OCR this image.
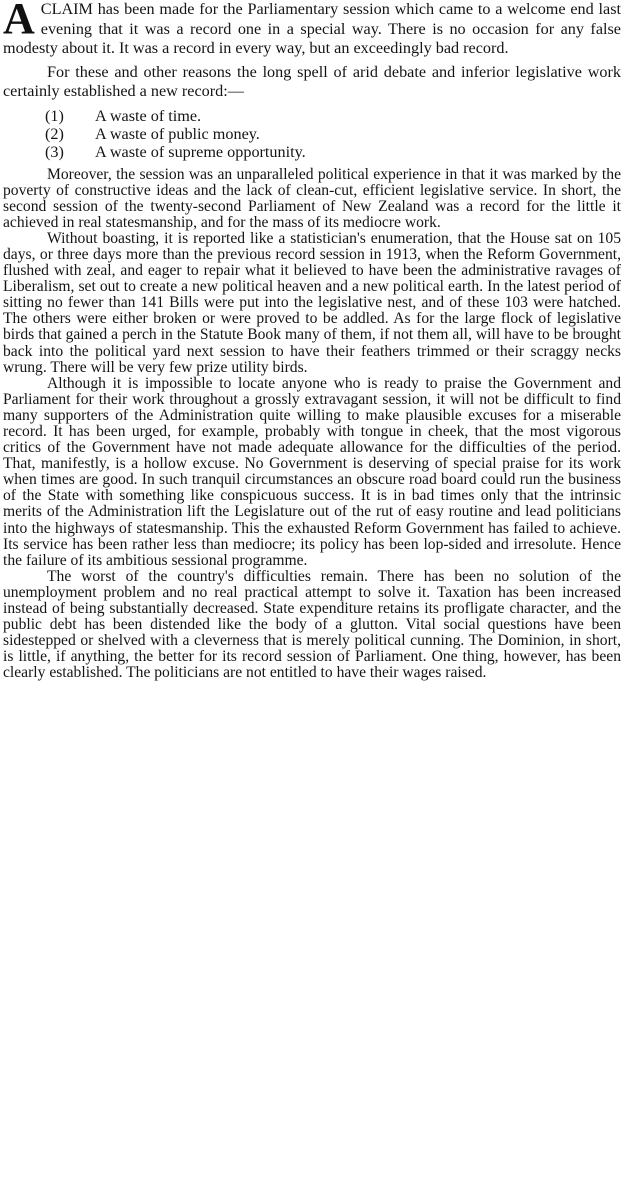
ACLAIM has been made for the Parliamentary session which came to a welcome end last evening that it was a record one in a special way. There is no occasion for any false modesty about it. It was a record in every way, but an exceedingly bad record.

For these and other reasons the long spell of arid debate and inferior legislative work certainly established a new record:—

(1)	A waste of time.
(2)	A waste of public money.
(3)	A waste of supreme opportunity.

Moreover, the session was an unparalleled political experience in that it was marked by the poverty of constructive ideas and the lack of clean-cut, efficient legislative service. In short, the second session of the twenty-second Parliament of New Zealand was a record for the little it achieved in real statesmanship, and for the mass of its mediocre work.

Without boasting, it is reported like a statistician's enumeration, that the House sat on 105 days, or three days more than the previous record session in 1913, when the Reform Government, flushed with zeal, and eager to repair what it believed to have been the administrative ravages of Liberalism, set out to create a new political heaven and a new political earth. In the latest period of sitting no fewer than 141 Bills were put into the legislative nest, and of these 103 were hatched. The others were either broken or were proved to be addled. As for the large flock of legislative birds that gained a perch in the Statute Book many of them, if not them all, will have to be brought back into the political yard next session to have their feathers trimmed or their scraggy necks wrung. There will be very few prize utility birds.

Although it is impossible to locate anyone who is ready to praise the Government and Parliament for their work throughout a grossly extravagant session, it will not be difficult to find many supporters of the Administration quite willing to make plausible excuses for a miserable record. It has been urged, for example, probably with tongue in cheek, that the most vigorous critics of the Government have not made adequate allowance for the difficulties of the period. That, manifestly, is a hollow excuse. No Government is deserving of special praise for its work when times are good. In such tranquil circumstances an obscure road board could run the business of the State with something like conspicuous success. It is in bad times only that the intrinsic merits of the Administration lift the Legislature out of the rut of easy routine and lead politicians into the highways of statesmanship. This the exhausted Reform Government has failed to achieve. Its service has been rather less than mediocre; its policy has been lop-sided and irresolute. Hence the failure of its ambitious sessional programme.

The worst of the country's difficulties remain. There has been no solution of the unemployment problem and no real practical attempt to solve it. Taxation has been increased instead of being substantially decreased. State expenditure retains its profligate character, and the public debt has been distended like the body of a glutton. Vital social questions have been sidestepped or shelved with a cleverness that is merely political cunning. The Dominion, in short, is little, if anything, the better for its record session of Parliament. One thing, however, has been clearly established. The politicians are not entitled to have their wages raised.
